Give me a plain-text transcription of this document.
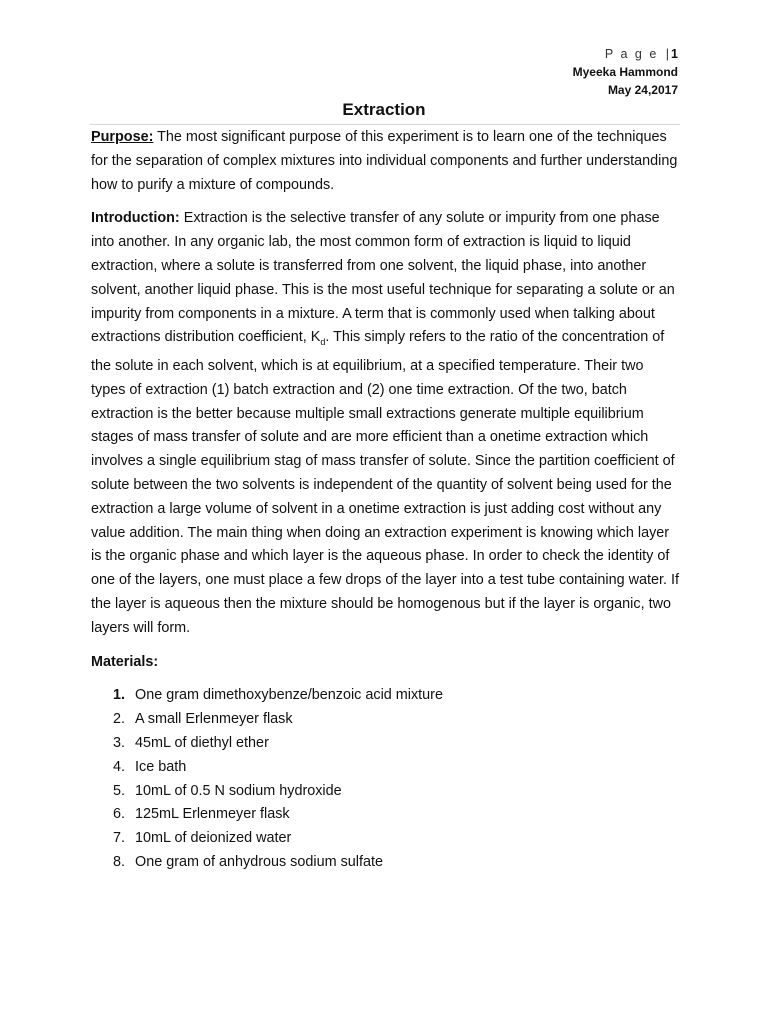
P a g e | 1
Myeeka Hammond
May 24,2017
Extraction

Purpose: The most significant purpose of this experiment is to learn one of the techniques for the separation of complex mixtures into individual components and further understanding how to purify a mixture of compounds.

Introduction: Extraction is the selective transfer of any solute or impurity from one phase into another. In any organic lab, the most common form of extraction is liquid to liquid extraction, where a solute is transferred from one solvent, the liquid phase, into another solvent, another liquid phase. This is the most useful technique for separating a solute or an impurity from components in a mixture. A term that is commonly used when talking about extractions distribution coefficient, $K_d$. This simply refers to the ratio of the concentration of the solute in each solvent, which is at equilibrium, at a specified temperature. Their two types of extraction (1) batch extraction and (2) one time extraction. Of the two, batch extraction is the better because multiple small extractions generate multiple equilibrium stages of mass transfer of solute and are more efficient than a onetime extraction which involves a single equilibrium stag of mass transfer of solute. Since the partition coefficient of solute between the two solvents is independent of the quantity of solvent being used for the extraction a large volume of solvent in a onetime extraction is just adding cost without any value addition. The main thing when doing an extraction experiment is knowing which layer is the organic phase and which layer is the aqueous phase. In order to check the identity of one of the layers, one must place a few drops of the layer into a test tube containing water. If the layer is aqueous then the mixture should be homogenous but if the layer is organic, two layers will form.

Materials:
1. One gram dimethoxybenze/benzoic acid mixture
2. A small Erlenmeyer flask
3. 45mL of diethyl ether
4. Ice bath
5. 10mL of 0.5 N sodium hydroxide
6. 125mL Erlenmeyer flask
7. 10mL of deionized water
8. One gram of anhydrous sodium sulfate
